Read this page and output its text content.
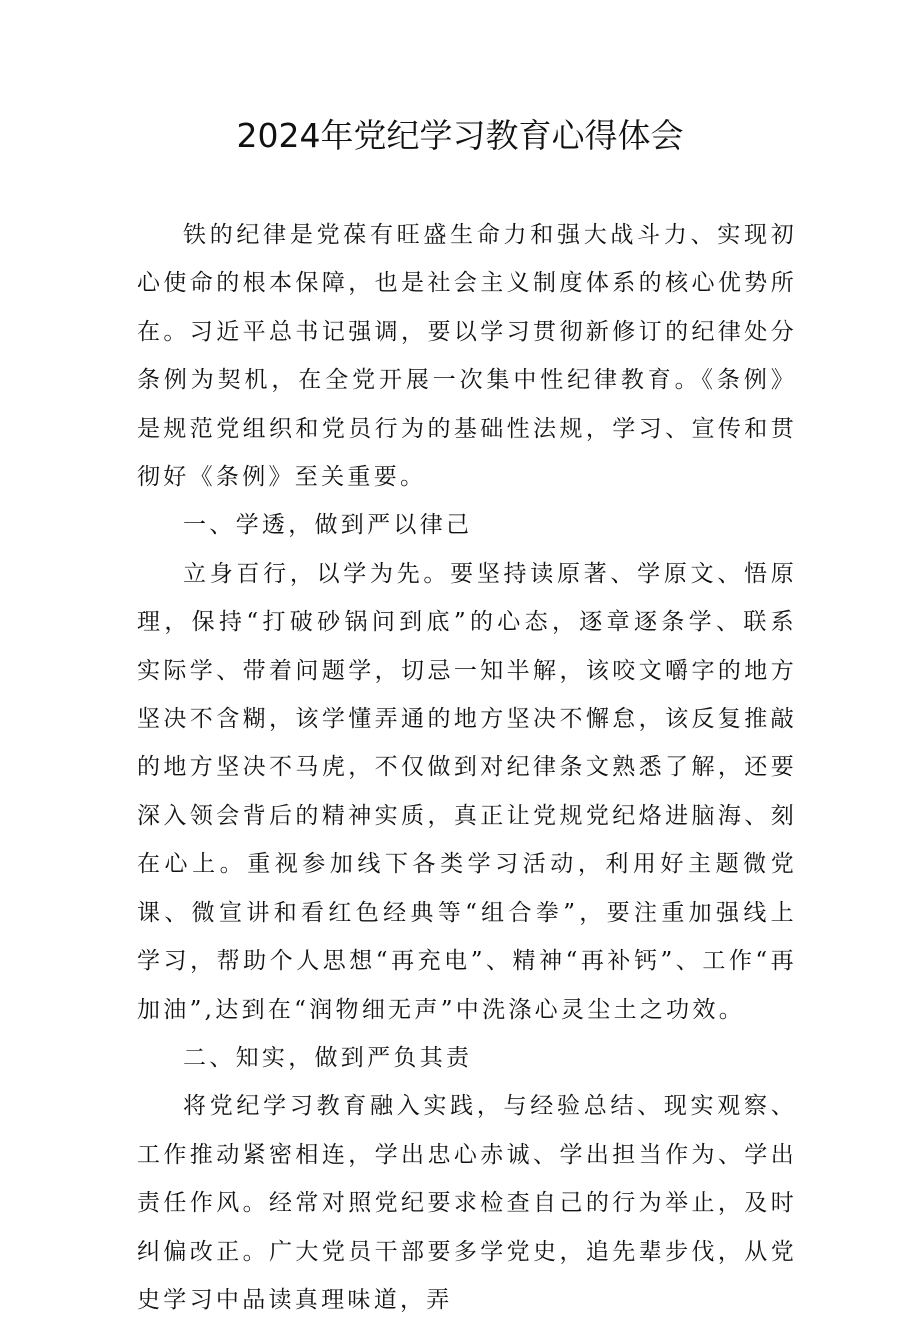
2024年党纪学习教育心得体会

铁的纪律是党葆有旺盛生命力和强大战斗力、实现初心使命的根本保障，也是社会主义制度体系的核心优势所在。习近平总书记强调，要以学习贯彻新修订的纪律处分条例为契机，在全党开展一次集中性纪律教育。《条例》是规范党组织和党员行为的基础性法规，学习、宣传和贯彻好《条例》至关重要。

一、学透，做到严以律己

立身百行，以学为先。要坚持读原著、学原文、悟原理，保持“打破砂锅问到底”的心态，逐章逐条学、联系实际学、带着问题学，切忌一知半解，该咬文嚼字的地方坚决不含糊，该学懂弄通的地方坚决不懈怠，该反复推敲的地方坚决不马虎，不仅做到对纪律条文熟悉了解，还要深入领会背后的精神实质，真正让党规党纪烙进脑海、刻在心上。重视参加线下各类学习活动，利用好主题微党课、微宣讲和看红色经典等“组合拳”，要注重加强线上学习，帮助个人思想“再充电”、精神“再补钙”、工作“再加油”,达到在“润物细无声”中洗涤心灵尘土之功效。

二、知实，做到严负其责

将党纪学习教育融入实践，与经验总结、现实观察、工作推动紧密相连，学出忠心赤诚、学出担当作为、学出责任作风。经常对照党纪要求检查自己的行为举止，及时纠偏改正。广大党员干部要多学党史，追先辈步伐，从党史学习中品读真理味道，弄
